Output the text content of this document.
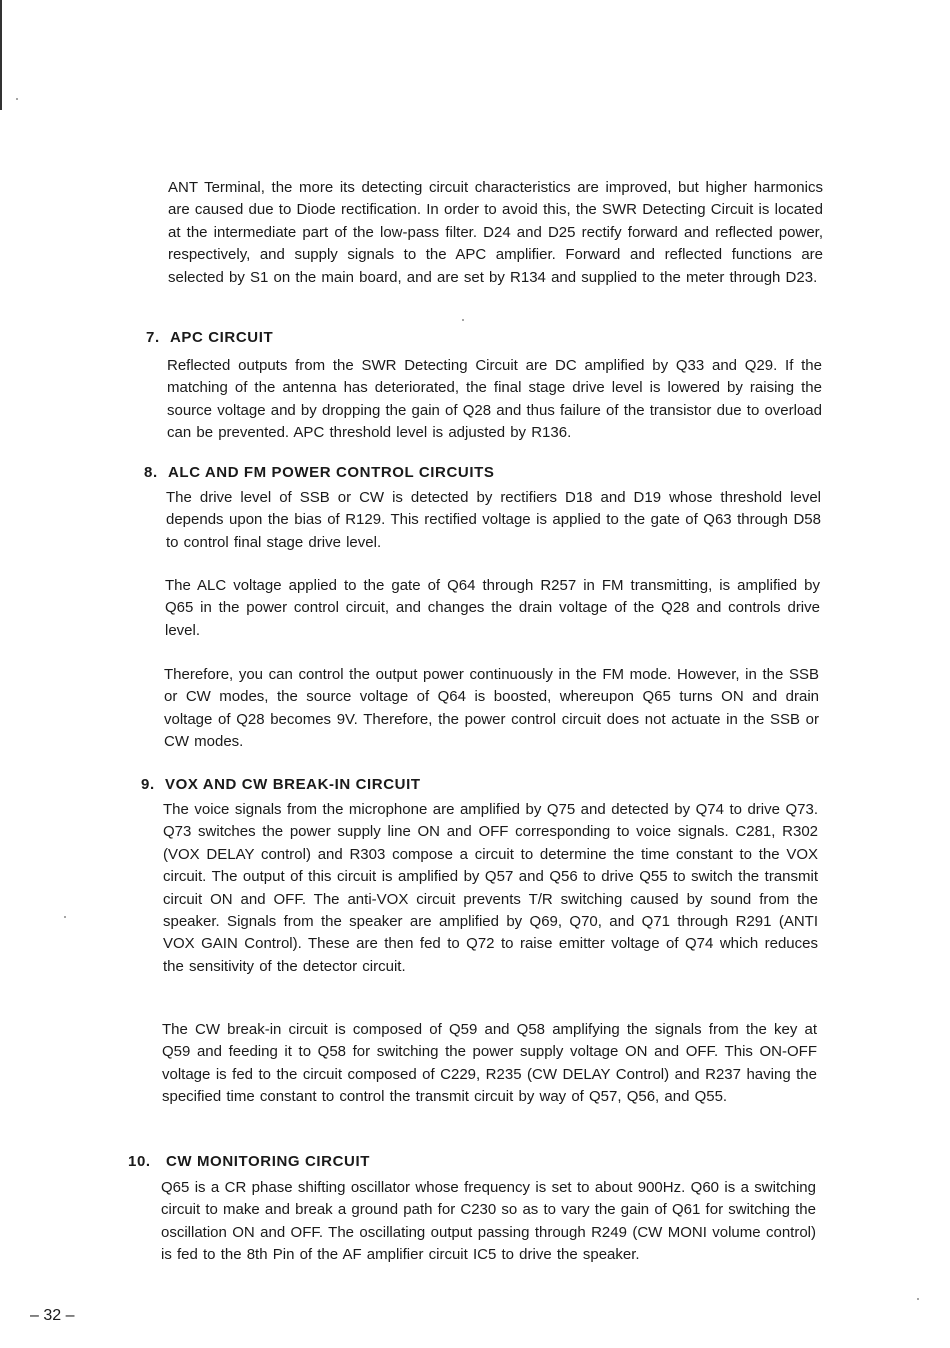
ANT Terminal, the more its detecting circuit characteristics are improved, but higher harmonics are caused due to Diode rectification. In order to avoid this, the SWR Detecting Circuit is located at the intermediate part of the low-pass filter. D24 and D25 rectify forward and reflected power, respectively, and supply signals to the APC amplifier. Forward and reflected functions are selected by S1 on the main board, and are set by R134 and supplied to the meter through D23.

7. APC CIRCUIT

Reflected outputs from the SWR Detecting Circuit are DC amplified by Q33 and Q29. If the matching of the antenna has deteriorated, the final stage drive level is lowered by raising the source voltage and by dropping the gain of Q28 and thus failure of the transistor due to overload can be prevented. APC threshold level is adjusted by R136.

8. ALC AND FM POWER CONTROL CIRCUITS

The drive level of SSB or CW is detected by rectifiers D18 and D19 whose threshold level depends upon the bias of R129. This rectified voltage is applied to the gate of Q63 through D58 to control final stage drive level.

The ALC voltage applied to the gate of Q64 through R257 in FM transmitting, is amplified by Q65 in the power control circuit, and changes the drain voltage of the Q28 and controls drive level.

Therefore, you can control the output power continuously in the FM mode. However, in the SSB or CW modes, the source voltage of Q64 is boosted, whereupon Q65 turns ON and drain voltage of Q28 becomes 9V. Therefore, the power control circuit does not actuate in the SSB or CW modes.

9. VOX AND CW BREAK-IN CIRCUIT

The voice signals from the microphone are amplified by Q75 and detected by Q74 to drive Q73. Q73 switches the power supply line ON and OFF corresponding to voice signals. C281, R302 (VOX DELAY control) and R303 compose a circuit to determine the time constant to the VOX circuit. The output of this circuit is amplified by Q57 and Q56 to drive Q55 to switch the transmit circuit ON and OFF. The anti-VOX circuit prevents T/R switching caused by sound from the speaker. Signals from the speaker are amplified by Q69, Q70, and Q71 through R291 (ANTI VOX GAIN Control). These are then fed to Q72 to raise emitter voltage of Q74 which reduces the sensitivity of the detector circuit.

The CW break-in circuit is composed of Q59 and Q58 amplifying the signals from the key at Q59 and feeding it to Q58 for switching the power supply voltage ON and OFF. This ON-OFF voltage is fed to the circuit composed of C229, R235 (CW DELAY Control) and R237 having the specified time constant to control the transmit circuit by way of Q57, Q56, and Q55.

10. CW MONITORING CIRCUIT

Q65 is a CR phase shifting oscillator whose frequency is set to about 900Hz. Q60 is a switching circuit to make and break a ground path for C230 so as to vary the gain of Q61 for switching the oscillation ON and OFF. The oscillating output passing through R249 (CW MONI volume control) is fed to the 8th Pin of the AF amplifier circuit IC5 to drive the speaker.

– 32 –
